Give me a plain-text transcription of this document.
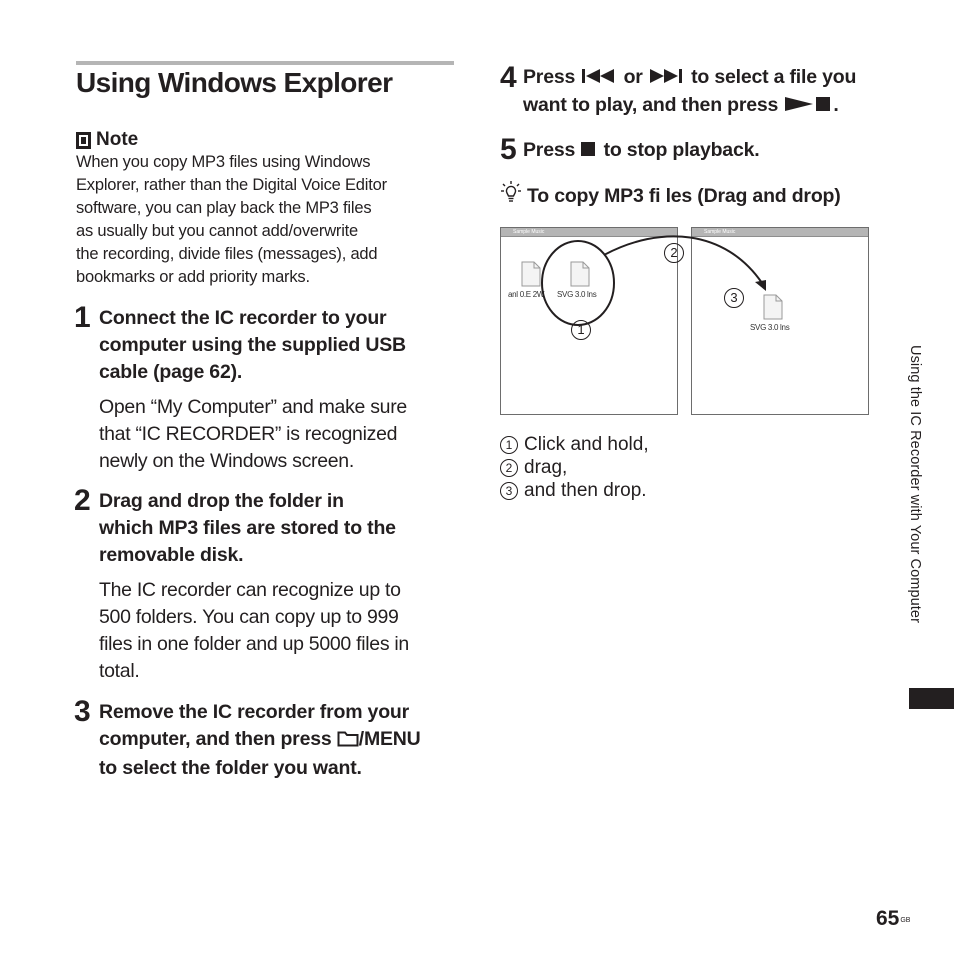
Using Windows Explorer
Note
When you copy MP3 files using Windows
Explorer, rather than the Digital Voice Editor
software, you can play back the MP3 files
as usually but you cannot add/overwrite
the recording, divide files (messages), add
bookmarks or add priority marks.
1 Connect the IC recorder to your
computer using the supplied USB
cable (page 62).
Open “My Computer” and make sure
that “IC RECORDER” is recognized
newly on the Windows screen.
2 Drag and drop the folder in
which MP3 files are stored to the
removable disk.
The IC recorder can recognize up to
500 folders. You can copy up to 999
files in one folder and up 5000 files in
total.
3 Remove the IC recorder from your
computer, and then press /MENU
to select the folder you want.
4 Press  or  to select a file you
want to play, and then press	.
5 Press  to stop playback.
To copy MP3 fi les (Drag and drop)
Sample Music
anl 0.E 2W SVG 3.0 lns
Sample Music
SVG 3.0 lns
1
2
3
1 Click and hold,
2 drag,
3 and then drop.	Using the IC Recorder with Your Computer
$65^{GB}$
